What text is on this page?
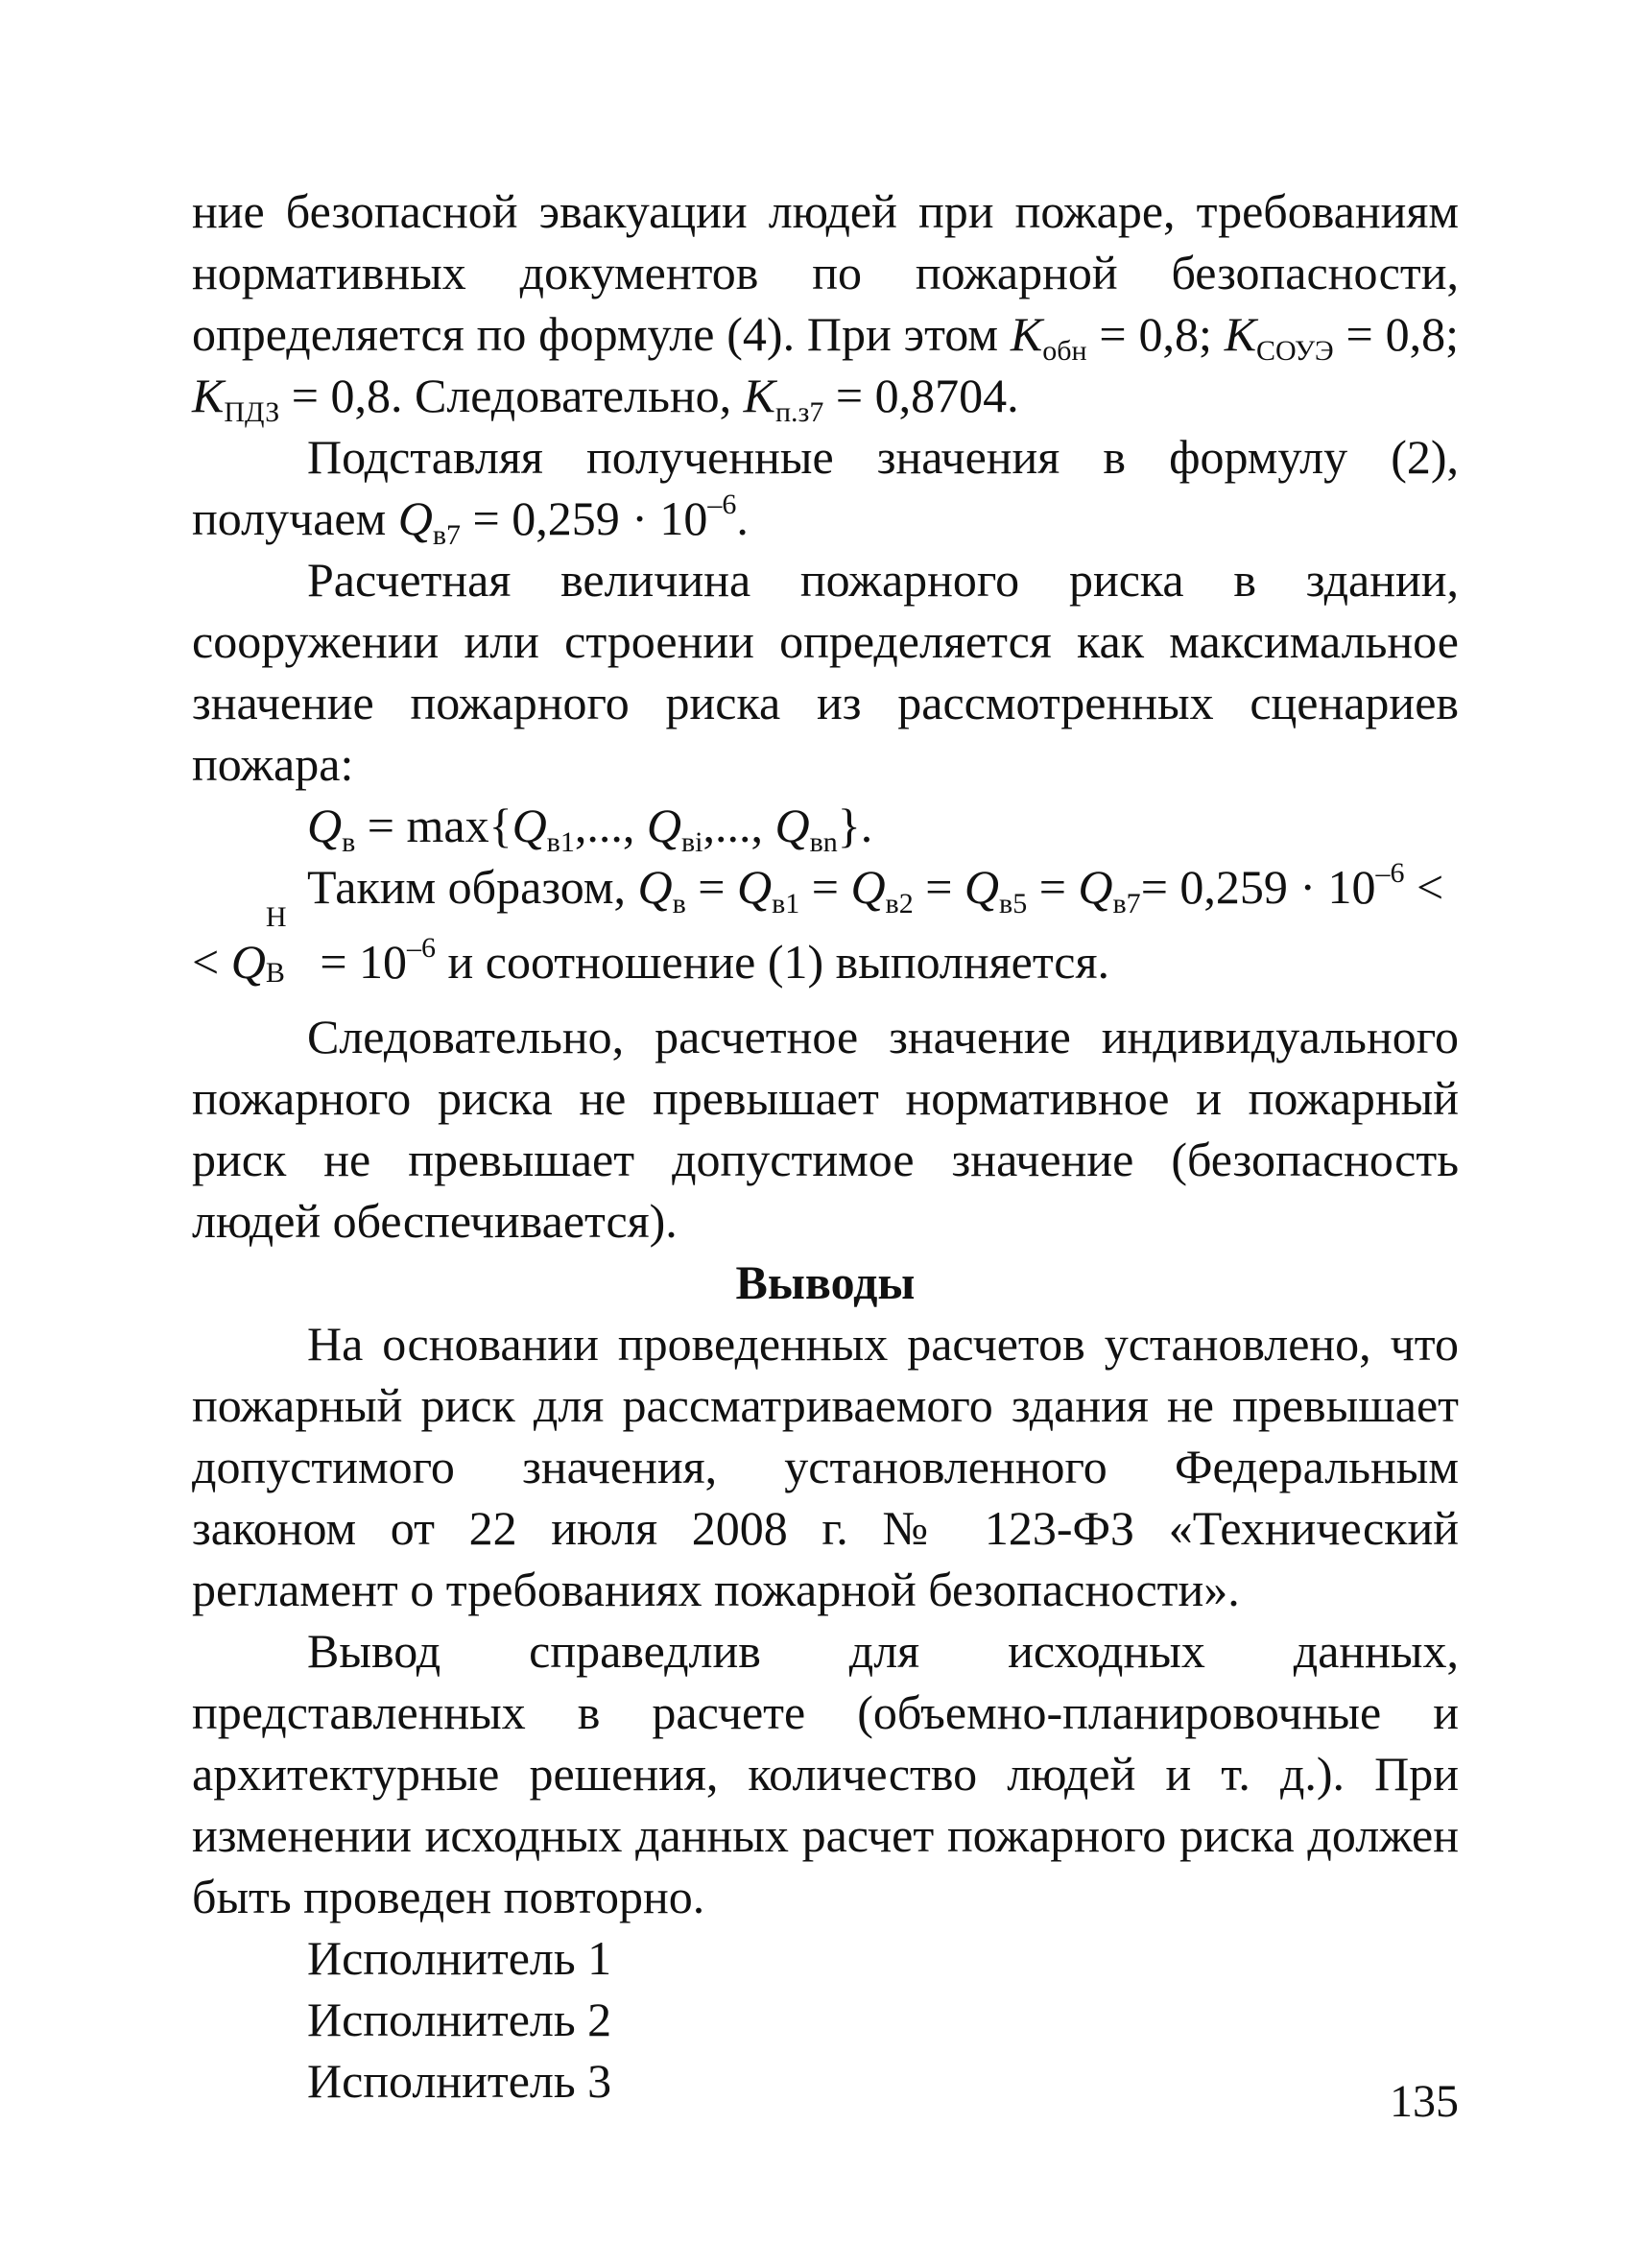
ние безопасной эвакуации людей при пожаре, требованиям нормативных документов по пожарной безопасности, определяется по формуле (4). При этом $K_{обн} = 0,8$; $K_{СОУЭ} = 0,8$; $K_{ПДЗ} = 0,8$. Следовательно, $K_{п.з7} = 0,8704$.

Подставляя полученные значения в формулу (2), получаем $Q_{в7} = 0,259 \cdot 10^{-6}$.

Расчетная величина пожарного риска в здании, сооружении или строении определяется как максимальное значение пожарного риска из рассмотренных сценариев пожара:

$Q_в = \max\{Q_{в1}$,..., $Q_{вi}$,..., $Q_{вn}$}.

Таким образом, $Q_в = Q_{в1} = Q_{в2} = Q_{в5} = Q_{в7}= 0,259 \cdot 10^{-6}$ <

< Q
Н
$В = 10^{-6}$ и соотношение (1) выполняется.

Следовательно, расчетное значение индивидуального пожарного риска не превышает нормативное и пожарный риск не превышает допустимое значение (безопасность людей обеспечивается).

Выводы

На основании проведенных расчетов установлено, что пожарный риск для рассматриваемого здания не превышает допустимого значения, установленного Федеральным законом от 22 июля 2008 г. № 123-ФЗ «Технический регламент о требованиях пожарной безопасности».

Вывод справедлив для исходных данных, представленных в расчете (объемно-планировочные и архитектурные решения, количество людей и т. д.). При изменении исходных данных расчет пожарного риска должен быть проведен повторно.

Исполнитель 1

Исполнитель 2

Исполнитель 3	135
